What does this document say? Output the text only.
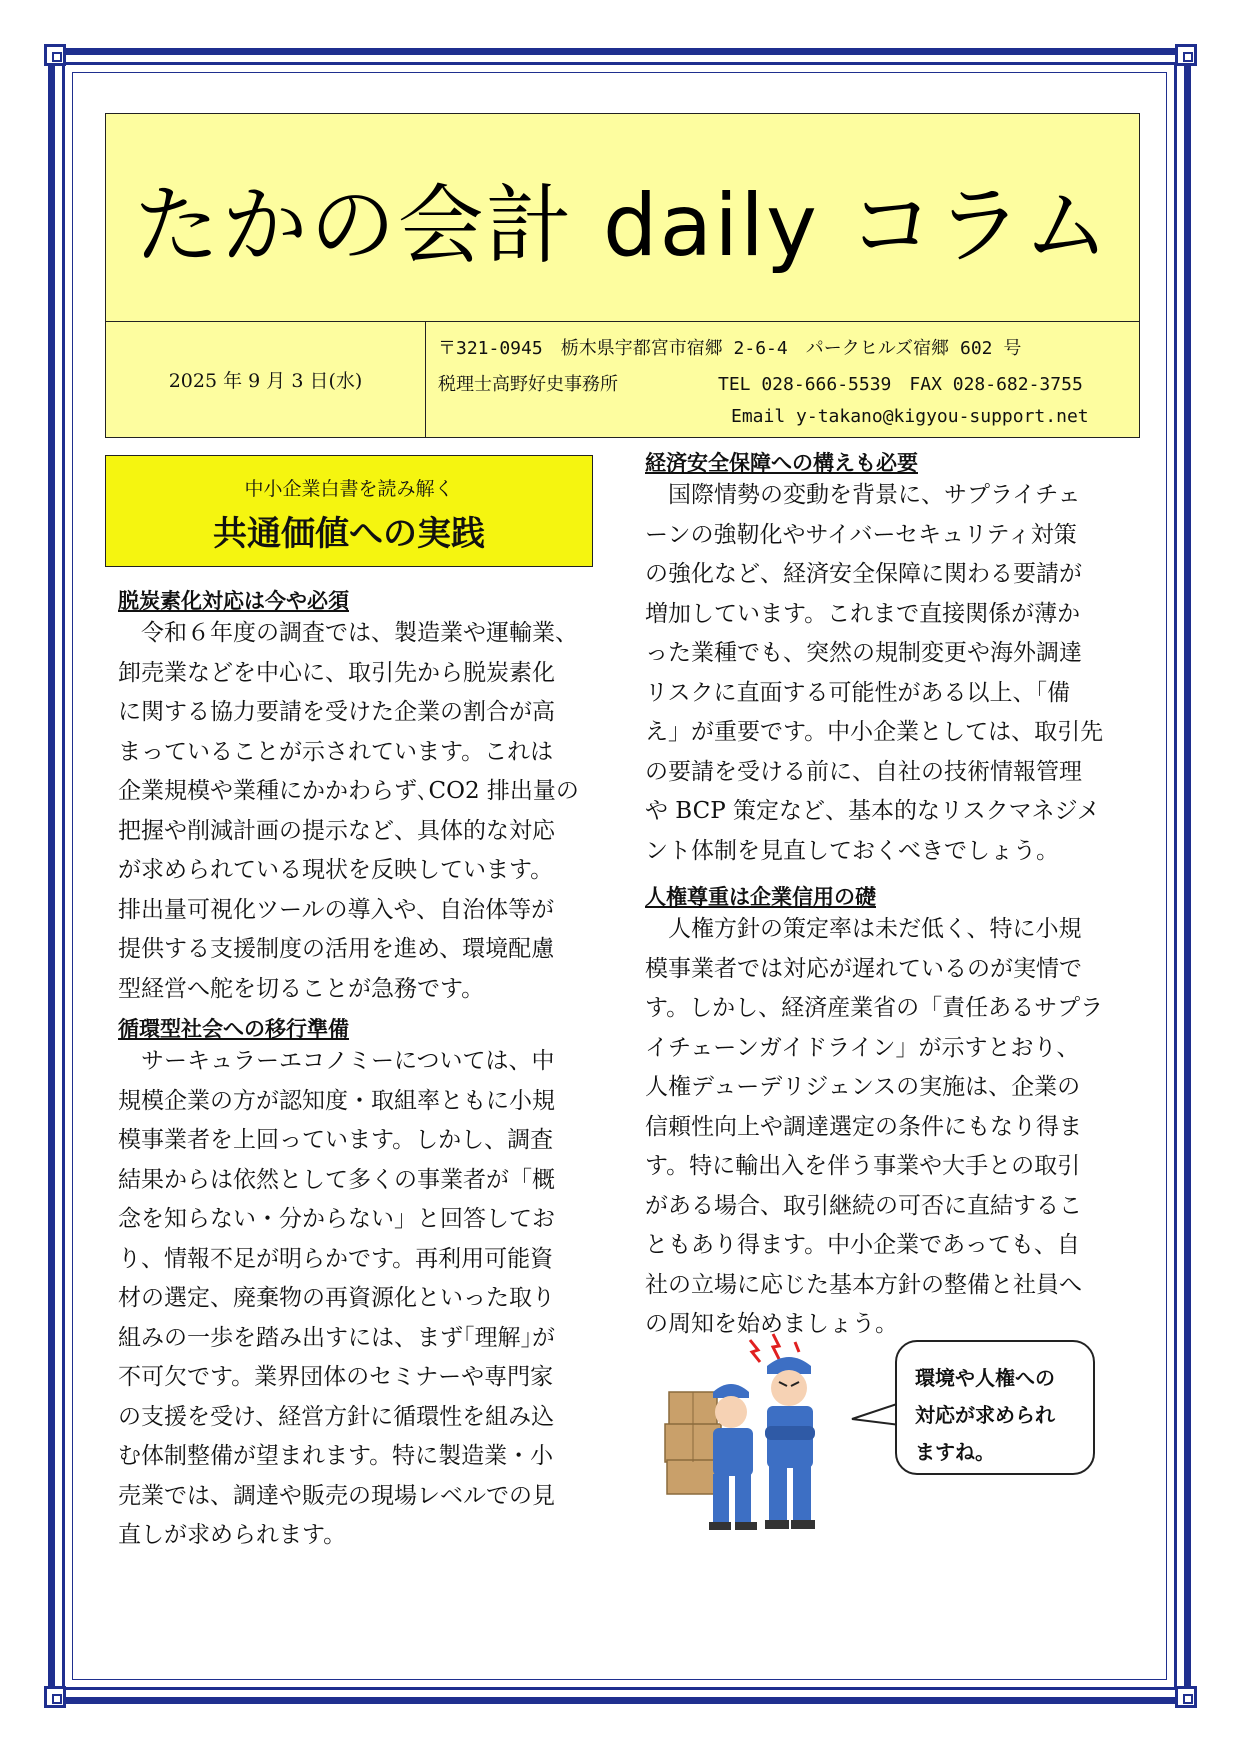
たかの会計 daily コラム
2025 年 9 月 3 日(水)
〒321-0945　栃木県宇都宮市宿郷 2-6-4　パークヒルズ宿郷 602 号
税理士高野好史事務所	TEL 028-666-5539　FAX 028-682-3755
Email y-takano@kigyou-support.net
中小企業白書を読み解く
共通価値への実践
脱炭素化対応は今や必須
　令和６年度の調査では、製造業や運輸業、
卸売業などを中心に、取引先から脱炭素化
に関する協力要請を受けた企業の割合が高
まっていることが示されています。これは
企業規模や業種にかかわらず､CO2 排出量の
把握や削減計画の提示など、具体的な対応
が求められている現状を反映しています。
排出量可視化ツールの導入や、自治体等が
提供する支援制度の活用を進め、環境配慮
型経営へ舵を切ることが急務です。
循環型社会への移行準備
　サーキュラーエコノミーについては、中
規模企業の方が認知度・取組率ともに小規
模事業者を上回っています。しかし、調査
結果からは依然として多くの事業者が「概
念を知らない・分からない」と回答してお
り、情報不足が明らかです。再利用可能資
材の選定、廃棄物の再資源化といった取り
組みの一歩を踏み出すには、まず｢理解｣が
不可欠です。業界団体のセミナーや専門家
の支援を受け、経営方針に循環性を組み込
む体制整備が望まれます。特に製造業・小
売業では、調達や販売の現場レベルでの見
直しが求められます。
経済安全保障への構えも必要
　国際情勢の変動を背景に、サプライチェ
ーンの強靭化やサイバーセキュリティ対策
の強化など、経済安全保障に関わる要請が
増加しています。これまで直接関係が薄か
った業種でも、突然の規制変更や海外調達
リスクに直面する可能性がある以上、「備
え」が重要です。中小企業としては、取引先
の要請を受ける前に、自社の技術情報管理
や BCP 策定など、基本的なリスクマネジメ
ント体制を見直しておくべきでしょう。
人権尊重は企業信用の礎
　人権方針の策定率は未だ低く、特に小規
模事業者では対応が遅れているのが実情で
す。しかし、経済産業省の「責任あるサプラ
イチェーンガイドライン」が示すとおり、
人権デューデリジェンスの実施は、企業の
信頼性向上や調達選定の条件にもなり得ま
す。特に輸出入を伴う事業や大手との取引
がある場合、取引継続の可否に直結するこ
ともあり得ます。中小企業であっても、自
社の立場に応じた基本方針の整備と社員へ
の周知を始めましょう。
環境や人権への
対応が求められ
ますね。
